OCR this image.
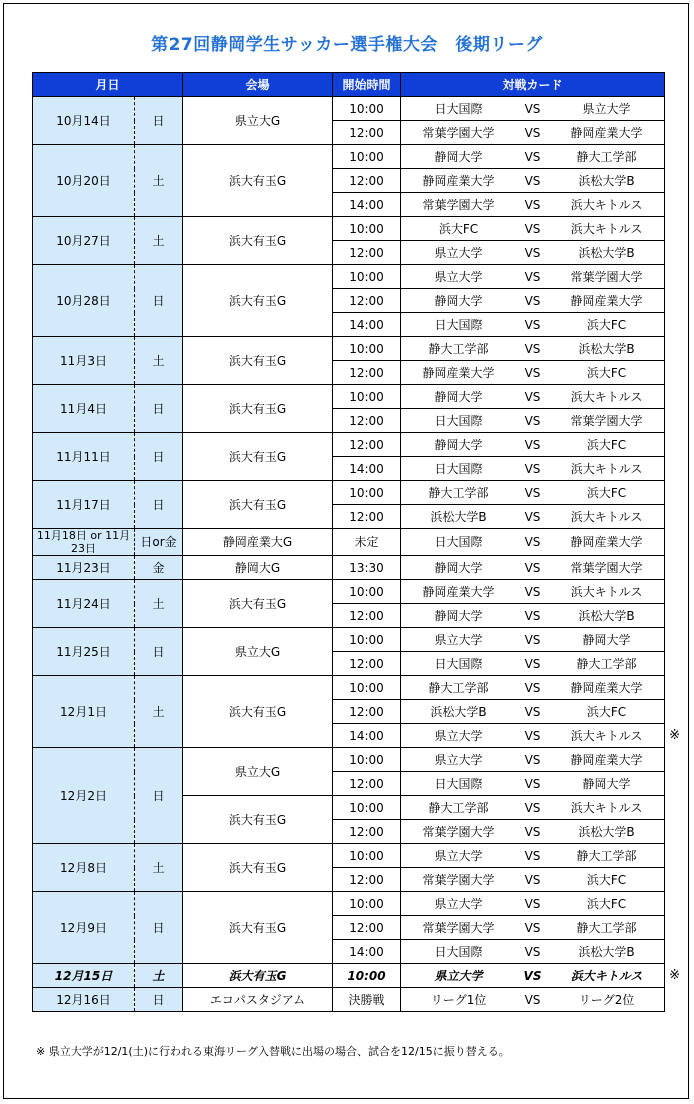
第27回静岡学生サッカー選手権大会　後期リーグ
月日		会場	開始時間	対戦カード		
10月14日	日	県立大G	10:00	日大国際	VS	県立大学
			12:00	常葉学園大学	VS	静岡産業大学
10月20日	土	浜大有玉G	10:00	静岡大学	VS	静大工学部
			12:00	静岡産業大学	VS	浜松大学B
			14:00	常葉学園大学	VS	浜大キトルス
10月27日	土	浜大有玉G	10:00	浜大FC	VS	浜大キトルス
			12:00	県立大学	VS	浜松大学B
10月28日	日	浜大有玉G	10:00	県立大学	VS	常葉学園大学
			12:00	静岡大学	VS	静岡産業大学
			14:00	日大国際	VS	浜大FC
11月3日	土	浜大有玉G	10:00	静大工学部	VS	浜松大学B
			12:00	静岡産業大学	VS	浜大FC
11月4日	日	浜大有玉G	10:00	静岡大学	VS	浜大キトルス
			12:00	日大国際	VS	常葉学園大学
11月11日	日	浜大有玉G	12:00	静岡大学	VS	浜大FC
			14:00	日大国際	VS	浜大キトルス
11月17日	日	浜大有玉G	10:00	静大工学部	VS	浜大FC
			12:00	浜松大学B	VS	浜大キトルス
11月18日 or 11月23日	日or金	静岡産業大G	未定	日大国際	VS	静岡産業大学
11月23日	金	静岡大G	13:30	静岡大学	VS	常葉学園大学
11月24日	土	浜大有玉G	10:00	静岡産業大学	VS	浜大キトルス
			12:00	静岡大学	VS	浜松大学B
11月25日	日	県立大G	10:00	県立大学	VS	静岡大学
			12:00	日大国際	VS	静大工学部
12月1日	土	浜大有玉G	10:00	静大工学部	VS	静岡産業大学
			12:00	浜松大学B	VS	浜大FC
			14:00	県立大学	VS	浜大キトルス
12月2日	日	県立大G	10:00	県立大学	VS	静岡産業大学
			12:00	日大国際	VS	静岡大学
		浜大有玉G	10:00	静大工学部	VS	浜大キトルス
			12:00	常葉学園大学	VS	浜松大学B
12月8日	土	浜大有玉G	10:00	県立大学	VS	静大工学部
			12:00	常葉学園大学	VS	浜大FC
12月9日	日	浜大有玉G	10:00	県立大学	VS	浜大FC
			12:00	常葉学園大学	VS	静大工学部
			14:00	日大国際	VS	浜松大学B
12月15日	土	浜大有玉G	10:00	県立大学	VS	浜大キトルス
12月16日	日	エコパスタジアム	決勝戦	リーグ1位	VS	リーグ2位
※
※
※ 県立大学が12/1(土)に行われる東海リーグ入替戦に出場の場合、試合を12/15に振り替える。
